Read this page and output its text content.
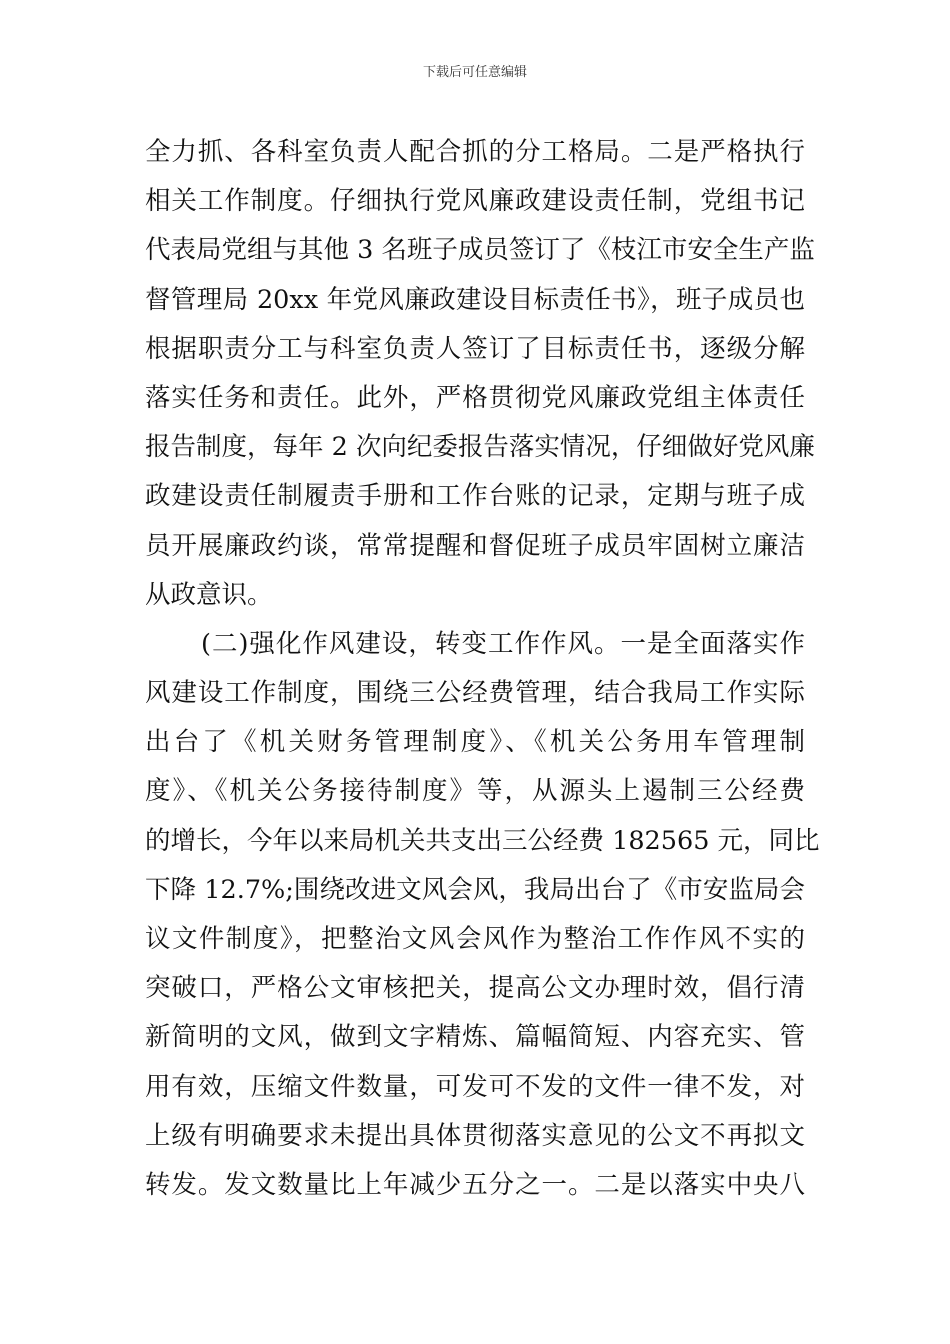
下载后可任意编辑
全力抓、各科室负责人配合抓的分工格局。二是严格执行
相关工作制度。仔细执行党风廉政建设责任制，党组书记
代表局党组与其他 3 名班子成员签订了《枝江市安全生产监
督管理局 20xx 年党风廉政建设目标责任书》，班子成员也
根据职责分工与科室负责人签订了目标责任书，逐级分解
落实任务和责任。此外，严格贯彻党风廉政党组主体责任
报告制度，每年 2 次向纪委报告落实情况，仔细做好党风廉
政建设责任制履责手册和工作台账的记录，定期与班子成
员开展廉政约谈，常常提醒和督促班子成员牢固树立廉洁
从政意识。
(二)强化作风建设，转变工作作风。一是全面落实作
风建设工作制度，围绕三公经费管理，结合我局工作实际
出台了《机关财务管理制度》、《机关公务用车管理制
度》、《机关公务接待制度》等，从源头上遏制三公经费
的增长，今年以来局机关共支出三公经费 182565 元，同比
下降 12.7%;围绕改进文风会风，我局出台了《市安监局会
议文件制度》，把整治文风会风作为整治工作作风不实的
突破口，严格公文审核把关，提高公文办理时效，倡行清
新简明的文风，做到文字精炼、篇幅简短、内容充实、管
用有效，压缩文件数量，可发可不发的文件一律不发，对
上级有明确要求未提出具体贯彻落实意见的公文不再拟文
转发。发文数量比上年减少五分之一。二是以落实中央八
